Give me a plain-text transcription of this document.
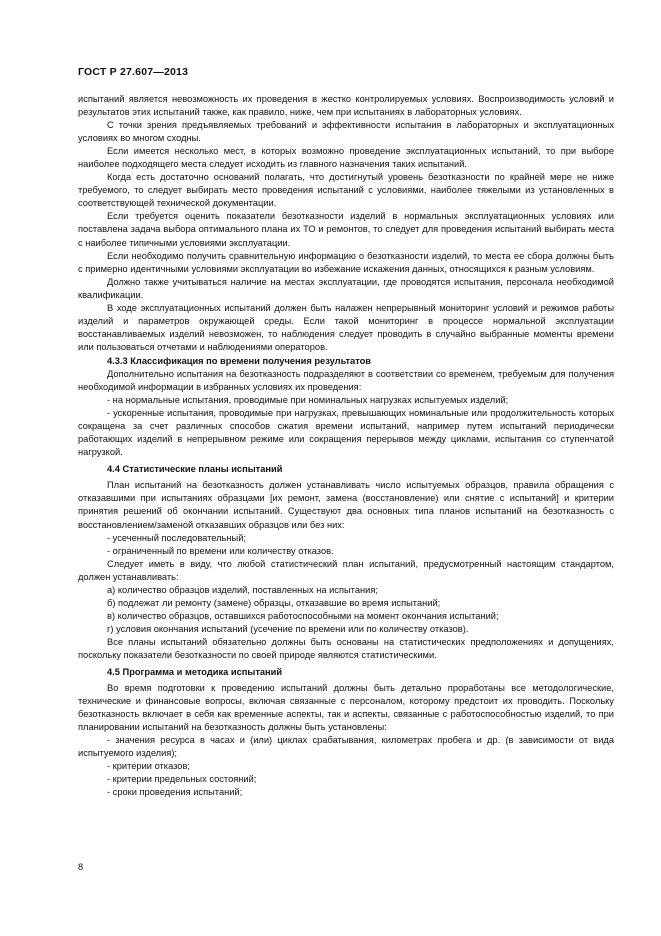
ГОСТ Р 27.607—2013

испытаний является невозможность их проведения в жестко контролируемых условиях. Воспроизводимость условий и результатов этих испытаний также, как правило, ниже, чем при испытаниях в лабораторных условиях.

С точки зрения предъявляемых требований и эффективности испытания в лабораторных и эксплуатационных условиях во многом сходны.

Если имеется несколько мест, в которых возможно проведение эксплуатационных испытаний, то при выборе наиболее подходящего места следует исходить из главного назначения таких испытаний.

Когда есть достаточно оснований полагать, что достигнутый уровень безотказности по крайней мере не ниже требуемого, то следует выбирать место проведения испытаний с условиями, наиболее тяжелыми из установленных в соответствующей технической документации.

Если требуется оценить показатели безотказности изделий в нормальных эксплуатационных условиях или поставлена задача выбора оптимального плана их ТО и ремонтов, то следует для проведения испытаний выбирать места с наиболее типичными условиями эксплуатации.

Если необходимо получить сравнительную информацию о безотказности изделий, то места ее сбора должны быть с примерно идентичными условиями эксплуатации во избежание искажения данных, относящихся к разным условиям.

Должно также учитываться наличие на местах эксплуатации, где проводятся испытания, персонала необходимой квалификации.

В ходе эксплуатационных испытаний должен быть налажен непрерывный мониторинг условий и режимов работы изделий и параметров окружающей среды. Если такой мониторинг в процессе нормальной эксплуатации восстанавливаемых изделий невозможен, то наблюдения следует проводить в случайно выбранные моменты времени или пользоваться отчетами и наблюдениями операторов.

4.3.3 Классификация по времени получения результатов

Дополнительно испытания на безотказность подразделяют в соответствии со временем, требуемым для получения необходимой информации в избранных условиях их проведения:

- на нормальные испытания, проводимые при номинальных нагрузках испытуемых изделий;

- ускоренные испытания, проводимые при нагрузках, превышающих номинальные или продолжительность которых сокращена за счет различных способов сжатия времени испытаний, например путем испытаний периодически работающих изделий в непрерывном режиме или сокращения перерывов между циклами, испытания со ступенчатой нагрузкой.

4.4 Статистические планы испытаний

План испытаний на безотказность должен устанавливать число испытуемых образцов, правила обращения с отказавшими при испытаниях образцами [их ремонт, замена (восстановление) или снятие с испытаний] и критерии принятия решений об окончании испытаний. Существуют два основных типа планов испытаний на безотказность с восстановлением/заменой отказавших образцов или без них:

- усеченный последовательный;

- ограниченный по времени или количеству отказов.

Следует иметь в виду, что любой статистический план испытаний, предусмотренный настоящим стандартом, должен устанавливать:

а) количество образцов изделий, поставленных на испытания;

б) подлежат ли ремонту (замене) образцы, отказавшие во время испытаний;

в) количество образцов, оставшихся работоспособными на момент окончания испытаний;

г) условия окончания испытаний (усечение по времени или по количеству отказов).

Все планы испытаний обязательно должны быть основаны на статистических предположениях и допущениях, поскольку показатели безотказности по своей природе являются статистическими.

4.5 Программа и методика испытаний

Во время подготовки к проведению испытаний должны быть детально проработаны все методологические, технические и финансовые вопросы, включая связанные с персоналом, которому предстоит их проводить. Поскольку безотказность включает в себя как временные аспекты, так и аспекты, связанные с работоспособностью изделий, то при планировании испытаний на безотказность должны быть установлены:

- значения ресурса в часах и (или) циклах срабатывания, километрах пробега и др. (в зависимости от вида испытуемого изделия);

- критерии отказов;

- критерии предельных состояний;

- сроки проведения испытаний;

8
